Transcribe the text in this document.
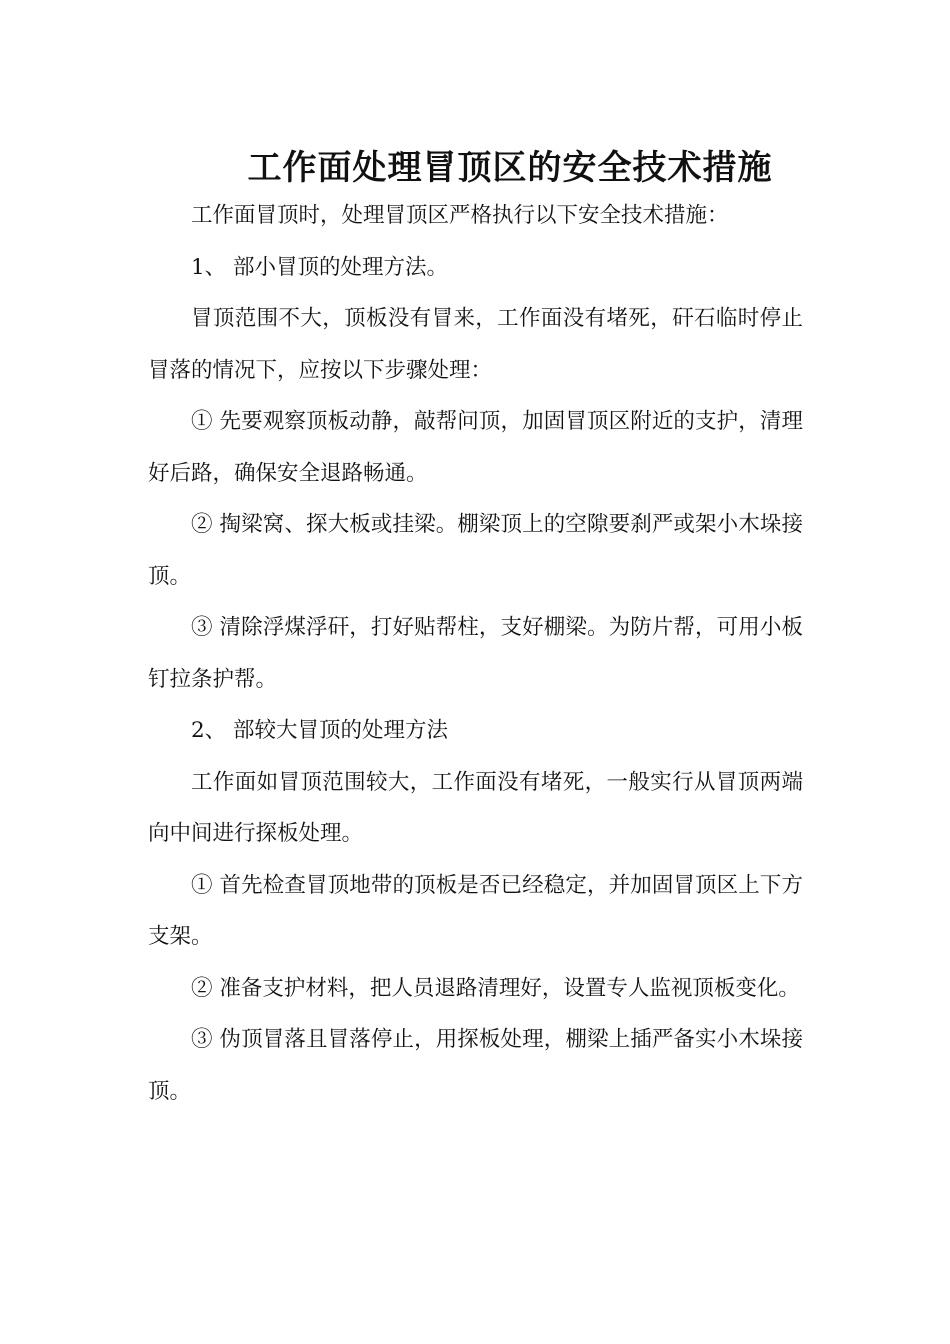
工作面处理冒顶区的安全技术措施

工作面冒顶时，处理冒顶区严格执行以下安全技术措施：

1、 部小冒顶的处理方法。

冒顶范围不大，顶板没有冒来，工作面没有堵死，矸石临时停止冒落的情况下，应按以下步骤处理：

① 先要观察顶板动静，敲帮问顶，加固冒顶区附近的支护，清理好后路，确保安全退路畅通。

② 掏梁窝、探大板或挂梁。棚梁顶上的空隙要刹严或架小木垛接顶。

③ 清除浮煤浮矸，打好贴帮柱，支好棚梁。为防片帮，可用小板钉拉条护帮。

2、 部较大冒顶的处理方法

工作面如冒顶范围较大，工作面没有堵死，一般实行从冒顶两端向中间进行探板处理。

① 首先检查冒顶地带的顶板是否已经稳定，并加固冒顶区上下方支架。

② 准备支护材料，把人员退路清理好，设置专人监视顶板变化。

③ 伪顶冒落且冒落停止，用探板处理，棚梁上插严备实小木垛接顶。
